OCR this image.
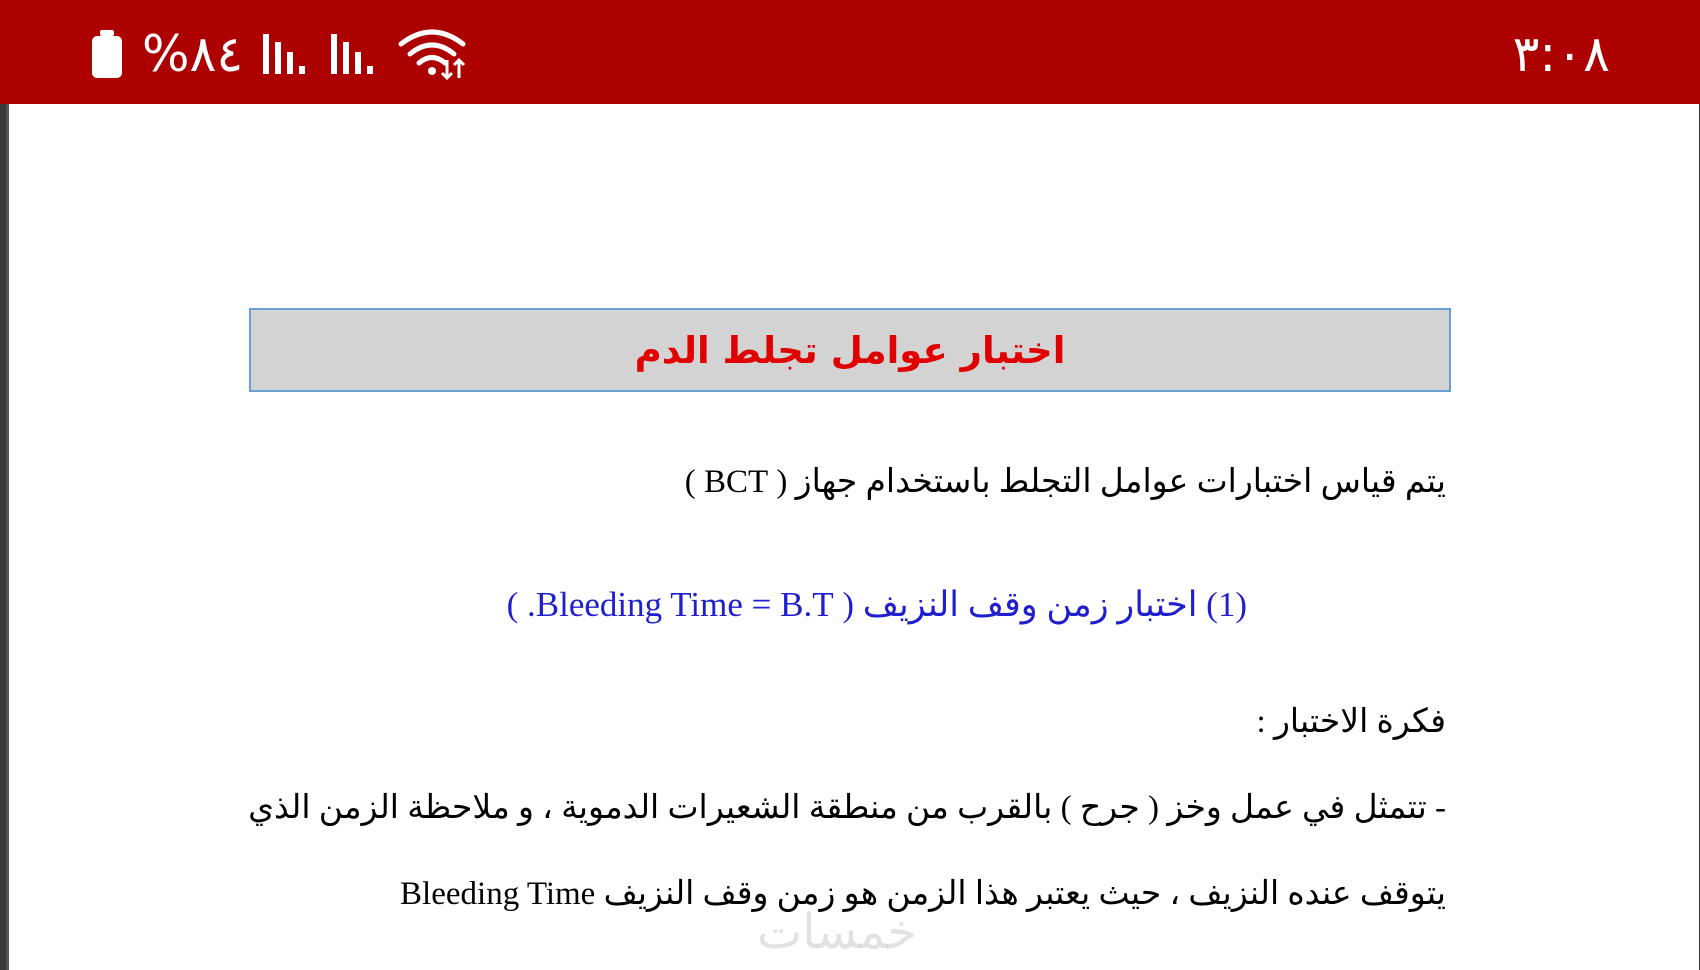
%٨٤	٣:٠٨
اختبار عوامل تجلط الدم
يتم قياس اختبارات عوامل التجلط باستخدام جهاز ( BCT )
(1) اختبار زمن وقف النزيف ( Bleeding Time = B.T. )
فكرة الاختبار :
- تتمثل في عمل وخز ( جرح ) بالقرب من منطقة الشعيرات الدموية ، و ملاحظة الزمن الذي
يتوقف عنده النزيف ، حيث يعتبر هذا الزمن هو زمن وقف النزيف Bleeding Time
خمسات
